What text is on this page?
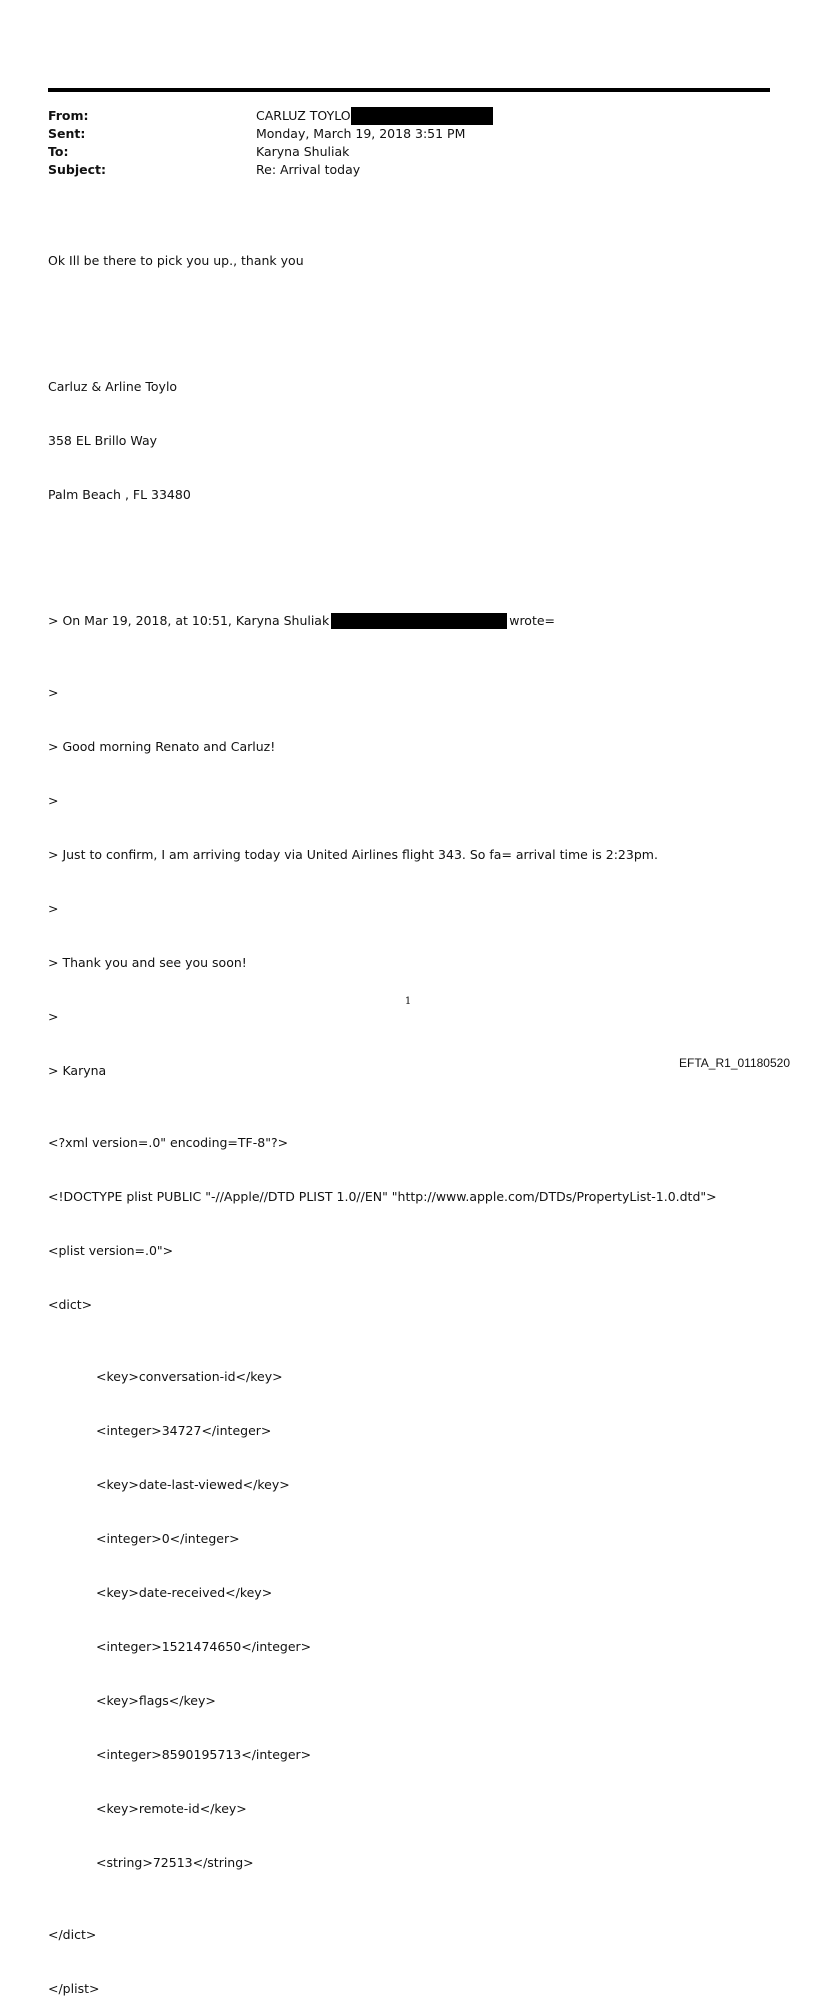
From:	CARLUZ TOYLO
Sent:	Monday, March 19, 2018 3:51 PM
To:	Karyna Shuliak
Subject:	Re: Arrival today

Ok Ill be there to pick you up., thank you

Carluz & Arline Toylo

358 EL Brillo Way

Palm Beach , FL 33480

> On Mar 19, 2018, at 10:51, Karyna Shuliak	wrote=

>

> Good morning Renato and Carluz!

>

> Just to confirm, I am arriving today via United Airlines flight 343. So fa= arrival time is 2:23pm.

>

> Thank you and see you soon!

>

> Karyna

<?xml version=.0" encoding=TF-8"?>

<!DOCTYPE plist PUBLIC "-//Apple//DTD PLIST 1.0//EN" "http://www.apple.com/DTDs/PropertyList-1.0.dtd">

<plist version=.0">

<dict>

<key>conversation-id</key>

<integer>34727</integer>

<key>date-last-viewed</key>

<integer>0</integer>

<key>date-received</key>

<integer>1521474650</integer>

<key>flags</key>

<integer>8590195713</integer>

<key>remote-id</key>

<string>72513</string>

</dict>

</plist>

1
EFTA_R1_01180520
